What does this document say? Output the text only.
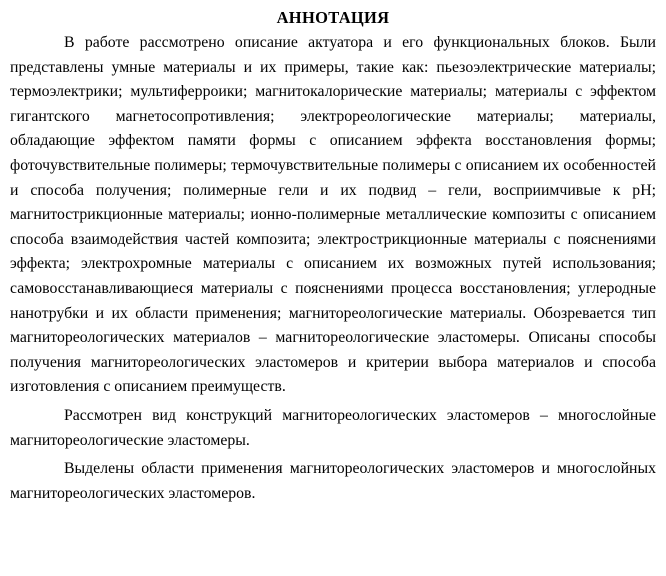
АННОТАЦИЯ

В работе рассмотрено описание актуатора и его функциональных блоков. Были представлены умные материалы и их примеры, такие как: пьезоэлектрические материалы; термоэлектрики; мультиферроики; магнитокалорические материалы; материалы с эффектом гигантского магнетосопротивления; электрореологические материалы; материалы, обладающие эффектом памяти формы с описанием эффекта восстановления формы; фоточувствительные полимеры; термочувствительные полимеры с описанием их особенностей и способа получения; полимерные гели и их подвид – гели, восприимчивые к pH; магнитострикционные материалы; ионно-полимерные металлические композиты с описанием способа взаимодействия частей композита; электрострикционные материалы с пояснениями эффекта; электрохромные материалы с описанием их возможных путей использования; самовосстанавливающиеся материалы с пояснениями процесса восстановления; углеродные нанотрубки и их области применения; магнитореологические материалы. Обозревается тип магнитореологических материалов – магнитореологические эластомеры. Описаны способы получения магнитореологических эластомеров и критерии выбора материалов и способа изготовления с описанием преимуществ.

Рассмотрен вид конструкций магнитореологических эластомеров – многослойные магнитореологические эластомеры.

Выделены области применения магнитореологических эластомеров и многослойных магнитореологических эластомеров.
